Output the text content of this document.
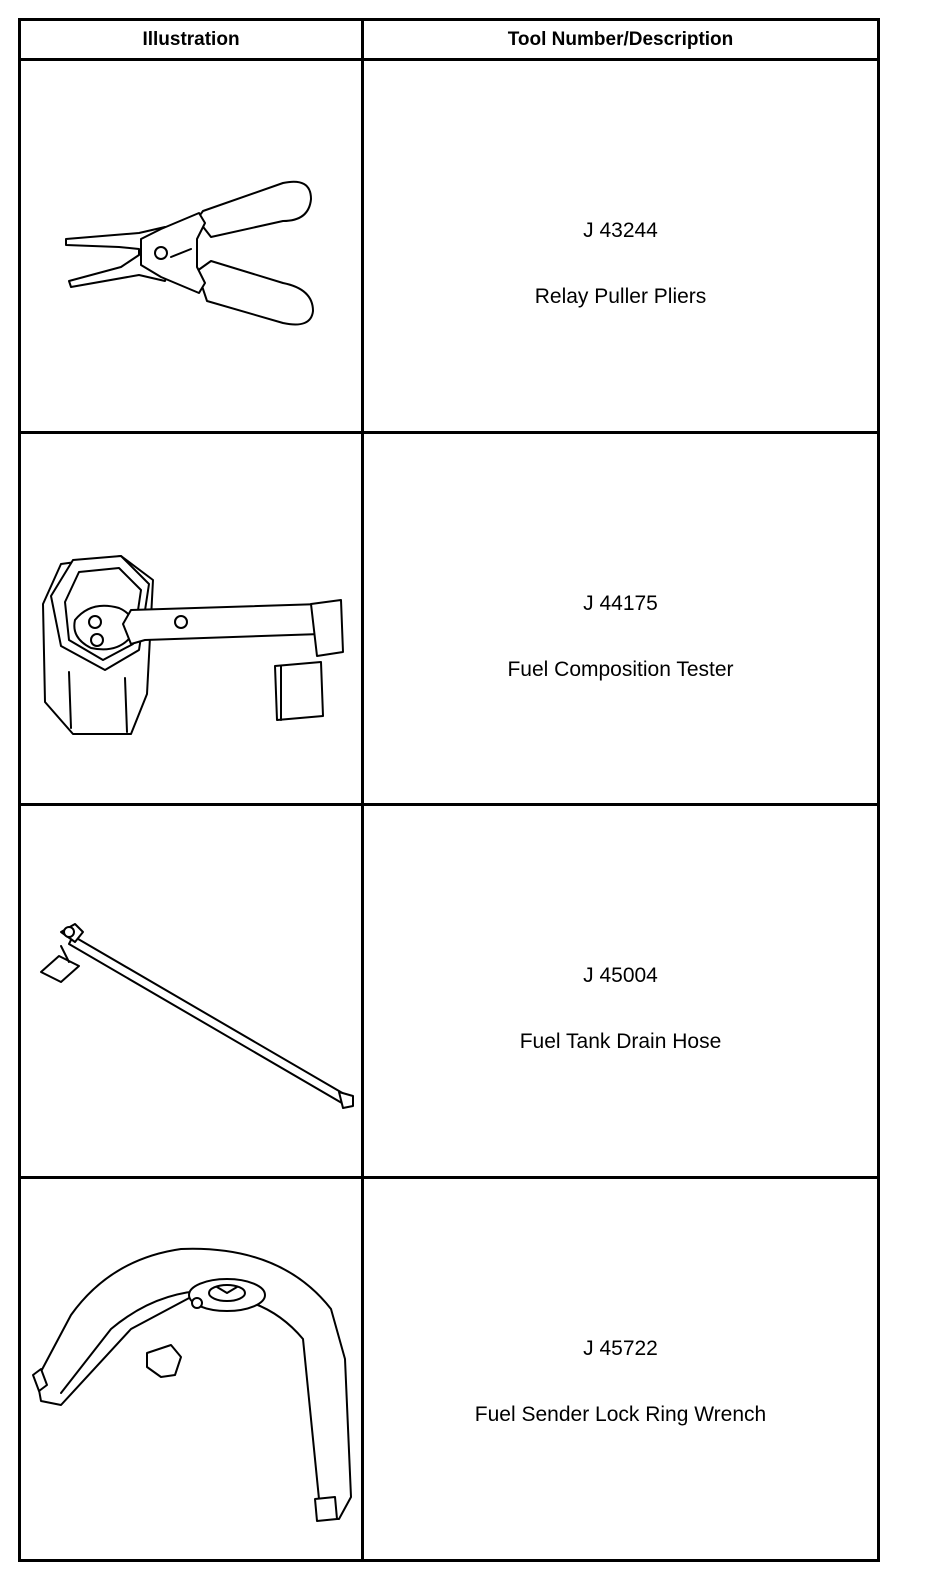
Illustration	Tool Number/Description
J 43244
Relay Puller Pliers
J 44175
Fuel Composition Tester
J 45004
Fuel Tank Drain Hose
J 45722
Fuel Sender Lock Ring Wrench
